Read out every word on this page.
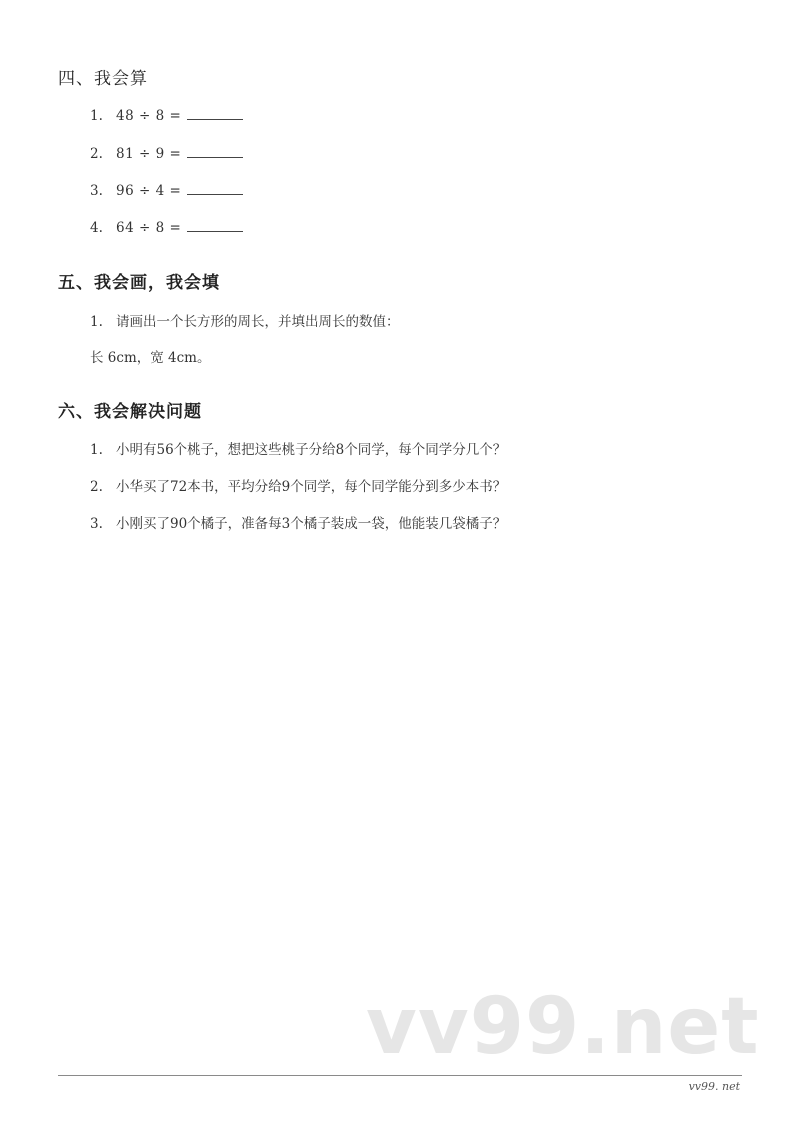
四、我会算
1. 48 ÷ 8 =
2. 81 ÷ 9 =
3. 96 ÷ 4 =
4. 64 ÷ 8 =
五、我会画，我会填
1. 请画出一个长方形的周长，并填出周长的数值：
长 6cm，宽 4cm。
六、我会解决问题
1. 小明有56个桃子，想把这些桃子分给8个同学，每个同学分几个？
2. 小华买了72本书，平均分给9个同学，每个同学能分到多少本书？
3. 小刚买了90个橘子，准备每3个橘子装成一袋，他能装几袋橘子？
vv99.net
vv99. net
